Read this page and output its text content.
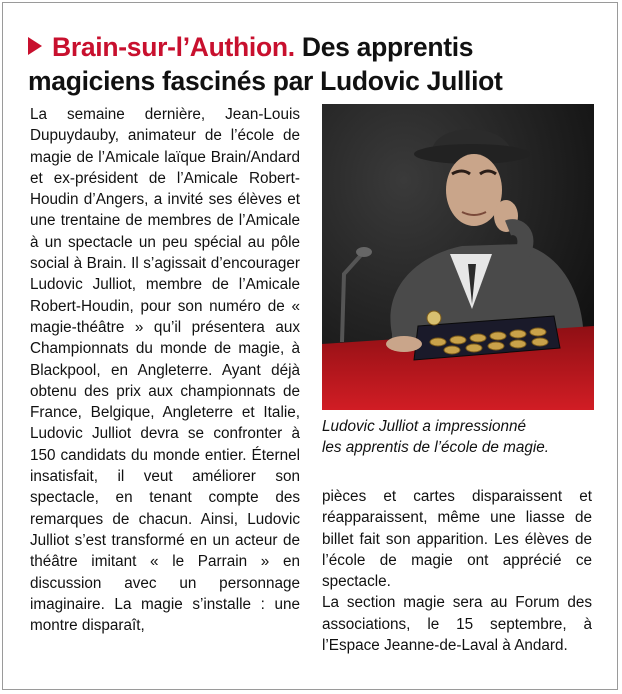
Brain-sur-l’Authion. Des apprentis magiciens fascinés par Ludovic Julliot

La semaine dernière, Jean-Louis Dupuydauby, animateur de l’école de magie de l’Amicale laïque Brain/Andard et ex-président de l’Amicale Robert-Houdin d’Angers, a invité ses élèves et une trentaine de membres de l’Amicale à un spectacle un peu spécial au pôle social à Brain. Il s’agissait d’encourager Ludovic Julliot, membre de l’Amicale Robert-Houdin, pour son numéro de « magie-théâtre » qu’il présentera aux Championnats du monde de magie, à Blackpool, en Angleterre. Ayant déjà obtenu des prix aux championnats de France, Belgique, Angleterre et Italie, Ludovic Julliot devra se confronter à 150 candidats du monde entier. Éternel insatisfait, il veut améliorer son spectacle, en tenant compte des remarques de chacun. Ainsi, Ludovic Julliot s’est transformé en un acteur de théâtre imitant « le Parrain » en discussion avec un personnage imaginaire. La magie s’installe : une montre disparaît,

Ludovic Julliot a impressionné
les apprentis de l’école de magie.

pièces et cartes disparaissent et réapparaissent, même une liasse de billet fait son apparition. Les élèves de l’école de magie ont apprécié ce spectacle.

La section magie sera au Forum des associations, le 15 septembre, à l’Espace Jeanne-de-Laval à Andard.
